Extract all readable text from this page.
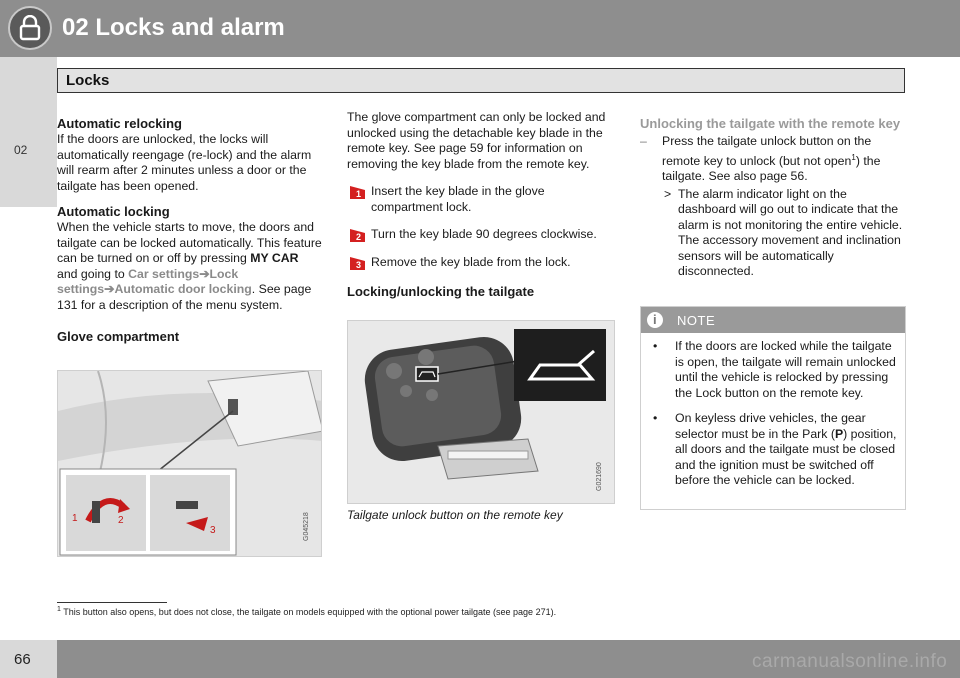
02 Locks and alarm
02
Locks
Automatic relocking

If the doors are unlocked, the locks will automatically reengage (re-lock) and the alarm will rearm after 2 minutes unless a door or the tailgate has been opened.

Automatic locking

When the vehicle starts to move, the doors and tailgate can be locked automatically. This feature can be turned on or off by pressing MY CAR and going to Car settings➔Lock settings➔Automatic door locking. See page 131 for a description of the menu system.

Glove compartment
1	2
3	G045218

The glove compartment can only be locked and unlocked using the detachable key blade in the remote key. See page 59 for information on removing the key blade from the remote key.

1 Insert the key blade in the glove compartment lock.
2 Turn the key blade 90 degrees clockwise.
3 Remove the key blade from the lock.
Locking/unlocking the tailgate
G021690
Tailgate unlock button on the remote key
Unlocking the tailgate with the remote key
– Press the tailgate unlock button on the remote key to unlock (but not open$^1$) the tailgate. See also page 56.
> The alarm indicator light on the dashboard will go out to indicate that the alarm is not monitoring the entire vehicle. The accessory movement and inclination sensors will be automatically disconnected.
i NOTE
• If the doors are locked while the tailgate is open, the tailgate will remain unlocked until the vehicle is relocked by pressing the Lock button on the remote key.
• On keyless drive vehicles, the gear selector must be in the Park (P) position, all doors and the tailgate must be closed and the ignition must be switched off before the vehicle can be locked.
$^1$ This button also opens, but does not close, the tailgate on models equipped with the optional power tailgate (see page 271).
66	carmanualsonline.info
